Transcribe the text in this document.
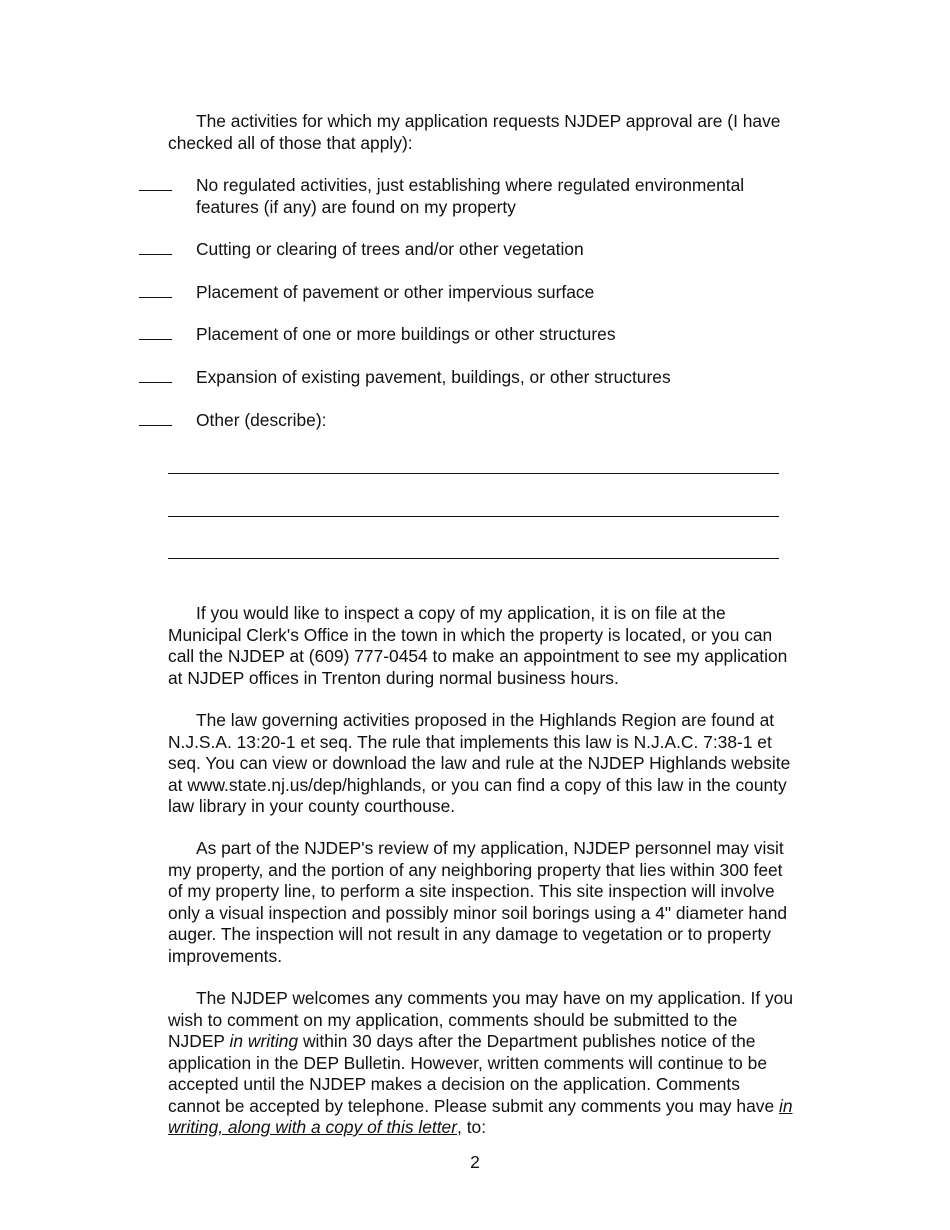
The activities for which my application requests NJDEP approval are (I have checked all of those that apply):

No regulated activities, just establishing where regulated environmental features (if any) are found on my property
Cutting or clearing of trees and/or other vegetation
Placement of pavement or other impervious surface
Placement of one or more buildings or other structures
Expansion of existing pavement, buildings, or other structures
Other (describe):

If you would like to inspect a copy of my application, it is on file at the Municipal Clerk's Office in the town in which the property is located, or you can call the NJDEP at (609) 777-0454 to make an appointment to see my application at NJDEP offices in Trenton during normal business hours.

The law governing activities proposed in the Highlands Region are found at N.J.S.A. 13:20-1 et seq. The rule that implements this law is N.J.A.C. 7:38-1 et seq. You can view or download the law and rule at the NJDEP Highlands website at www.state.nj.us/dep/highlands, or you can find a copy of this law in the county law library in your county courthouse.

As part of the NJDEP's review of my application, NJDEP personnel may visit my property, and the portion of any neighboring property that lies within 300 feet of my property line, to perform a site inspection. This site inspection will involve only a visual inspection and possibly minor soil borings using a 4" diameter hand auger. The inspection will not result in any damage to vegetation or to property improvements.

The NJDEP welcomes any comments you may have on my application. If you wish to comment on my application, comments should be submitted to the NJDEP in writing within 30 days after the Department publishes notice of the application in the DEP Bulletin. However, written comments will continue to be accepted until the NJDEP makes a decision on the application. Comments cannot be accepted by telephone. Please submit any comments you may have in writing, along with a copy of this letter, to:

2
